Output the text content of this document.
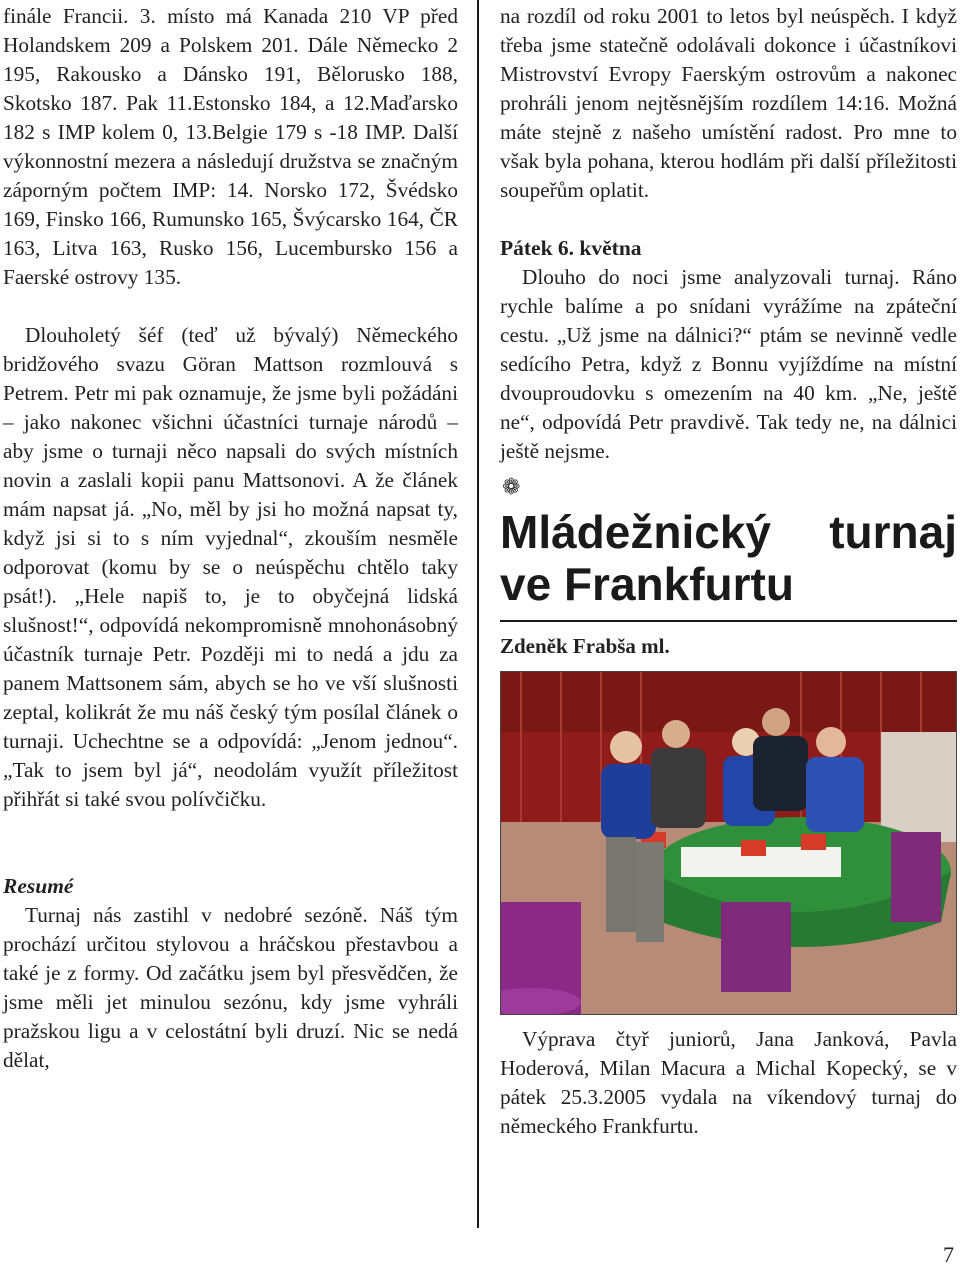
finále Francii. 3. místo má Kanada 210 VP před Holandskem 209 a Polskem 201. Dále Německo 2 195, Rakousko a Dánsko 191, Bělorusko 188, Skotsko 187. Pak 11.Estonsko 184, a 12.Maďarsko 182 s IMP kolem 0, 13.Belgie 179 s -18 IMP. Další výkonnostní mezera a následují družstva se značným záporným počtem IMP: 14. Norsko 172, Švédsko 169, Finsko 166, Rumunsko 165, Švýcarsko 164, ČR 163, Litva 163, Rusko 156, Lucembursko 156 a Faerské ostrovy 135.

Dlouholetý šéf (teď už bývalý) Německého bridžového svazu Göran Mattson rozmlouvá s Petrem. Petr mi pak oznamuje, že jsme byli požádáni – jako nakonec všichni účastníci turnaje národů – aby jsme o turnaji něco napsali do svých místních novin a zaslali kopii panu Mattsonovi. A že článek mám napsat já. „No, měl by jsi ho možná napsat ty, když jsi si to s ním vyjednal“, zkouším nesměle odporovat (komu by se o neúspěchu chtělo taky psát!). „Hele napiš to, je to obyčejná lidská slušnost!“, odpovídá nekompromisně mnohonásobný účastník turnaje Petr. Později mi to nedá a jdu za panem Mattsonem sám, abych se ho ve vší slušnosti zeptal, kolikrát že mu náš český tým posílal článek o turnaji. Uchechtne se a odpovídá: „Jenom jednou“. „Tak to jsem byl já“, neodolám využít příležitost přihřát si také svou polívčičku.

Resumé

Turnaj nás zastihl v nedobré sezóně. Náš tým prochází určitou stylovou a hráčskou přestavbou a také je z formy. Od začátku jsem byl přesvědčen, že jsme měli jet minulou sezónu, kdy jsme vyhráli pražskou ligu a v celostátní byli druzí. Nic se nedá dělat,

na rozdíl od roku 2001 to letos byl neúspěch. I když třeba jsme statečně odolávali dokonce i účastníkovi Mistrovství Evropy Faerským ostrovům a nakonec prohráli jenom nejtěsnějším rozdílem 14:16. Možná máte stejně z našeho umístění radost. Pro mne to však byla pohana, kterou hodlám při další příležitosti soupeřům oplatit.

Pátek 6. května

Dlouho do noci jsme analyzovali turnaj. Ráno rychle balíme a po snídani vyrážíme na zpáteční cestu. „Už jsme na dálnici?“ ptám se nevinně vedle sedícího Petra, když z Bonnu vyjíždíme na místní dvouproudovku s omezením na 40 km. „Ne, ještě ne“, odpovídá Petr pravdivě. Tak tedy ne, na dálnici ještě nejsme.

❁
Mládežnický turnaj
ve Frankfurtu

Zdeněk Frabša ml.

Výprava čtyř juniorů, Jana Janková, Pavla Hoderová, Milan Macura a Michal Kopecký, se v pátek 25.3.2005 vydala na víkendový turnaj do německého Frankfurtu.

7
